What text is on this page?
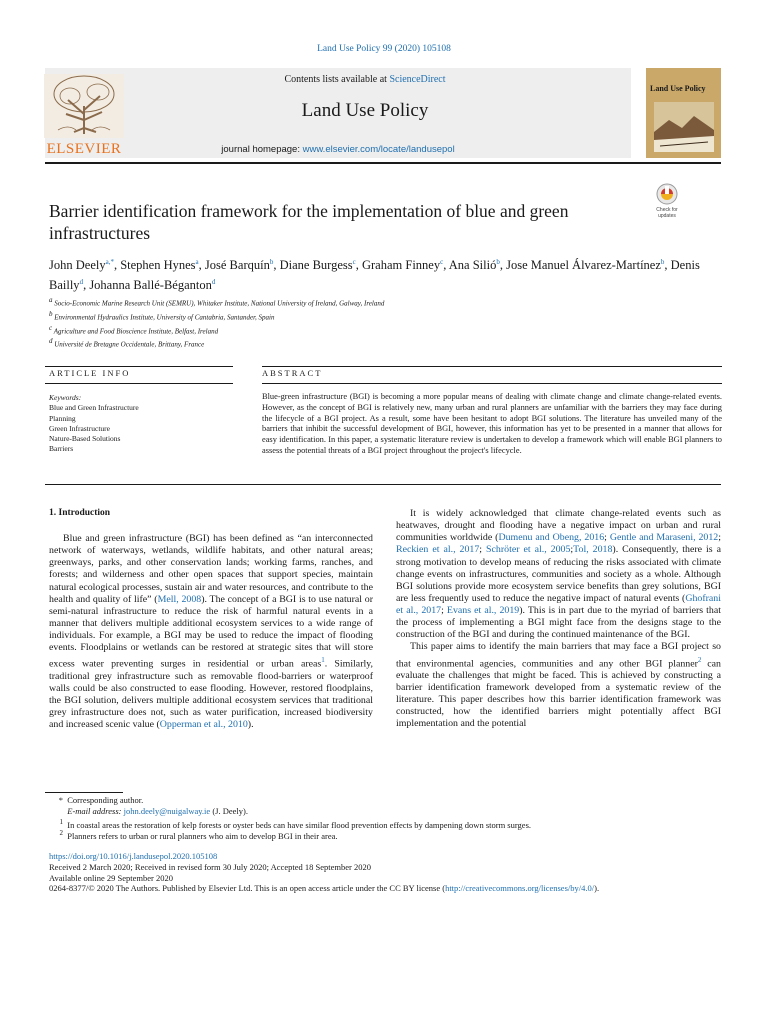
Land Use Policy 99 (2020) 105108
ELSEVIER
Contents lists available at ScienceDirect
Land Use Policy
journal homepage: www.elsevier.com/locate/landusepol
Land Use Policy
Barrier identification framework for the implementation of blue and green infrastructures
Check for
updates
John Deely$^{a,*}$, Stephen Hynes$^a$, José Barquín$^b$, Diane Burgess$^c$, Graham Finney$^c$, Ana Silió$^b$, Jose Manuel Álvarez-Martínez$^b$, Denis Bailly$^d$, Johanna Ballé-Béganton$^d$
$^a$ Socio-Economic Marine Research Unit (SEMRU), Whitaker Institute, National University of Ireland, Galway, Ireland
$^b$ Environmental Hydraulics Institute, University of Cantabria, Santander, Spain
$^c$ Agriculture and Food Bioscience Institute, Belfast, Ireland
$^d$ Université de Bretagne Occidentale, Brittany, France
ARTICLE INFO	ABSTRACT
Keywords:
Blue and Green Infrastructure
Planning
Green Infrastructure
Nature-Based Solutions
Barriers
Blue-green infrastructure (BGI) is becoming a more popular means of dealing with climate change and climate change-related events. However, as the concept of BGI is relatively new, many urban and rural planners are unfamiliar with the barriers they may face during the lifecycle of a BGI project. As a result, some have been hesitant to adopt BGI solutions. The literature has unveiled many of the barriers that inhibit the successful development of BGI, however, this information has yet to be presented in a manner that allows for easy identification. In this paper, a systematic literature review is undertaken to develop a framework which will enable BGI planners to assess the potential threats of a BGI project throughout the project's lifecycle.
1. Introduction

Blue and green infrastructure (BGI) has been defined as “an interconnected network of waterways, wetlands, wildlife habitats, and other natural areas; greenways, parks, and other conservation lands; working farms, ranches, and forests; and wilderness and other open spaces that support species, maintain natural ecological processes, sustain air and water resources, and contribute to the health and quality of life” (Mell, 2008). The concept of a BGI is to use natural or semi-natural infrastructure to reduce the risk of harmful natural events in a manner that delivers multiple additional ecosystem services to a wide range of individuals. For example, a BGI may be used to reduce the impact of flooding events. Floodplains or wetlands can be restored at strategic sites that will store excess water preventing surges in residential or urban areas$^1$. Similarly, traditional grey infrastructure such as removable flood-barriers or waterproof walls could be also constructed to ease flooding. However, restored floodplains, the BGI solution, delivers multiple additional ecosystem services that traditional grey infrastructure does not, such as water purification, increased biodiversity and increased scenic value (Opperman et al., 2010).

It is widely acknowledged that climate change-related events such as heatwaves, drought and flooding have a negative impact on urban and rural communities worldwide (Dumenu and Obeng, 2016; Gentle and Maraseni, 2012; Reckien et al., 2017; Schröter et al., 2005;Tol, 2018). Consequently, there is a strong motivation to develop means of reducing the risks associated with climate change events on infrastructures, communities and society as a whole. Although BGI solutions provide more ecosystem service benefits than grey solutions, BGI are less frequently used to reduce the negative impact of natural events (Ghofrani et al., 2017; Evans et al., 2019). This is in part due to the myriad of barriers that the process of implementing a BGI might face from the designs stage to the construction of the BGI and during the continued maintenance of the BGI.

This paper aims to identify the main barriers that may face a BGI project so that environmental agencies, communities and any other BGI planner$^2$ can evaluate the challenges that might be faced. This is achieved by constructing a barrier identification framework developed from a systematic review of the literature. This paper describes how this barrier identification framework was constructed, how the identified barriers might potentially affect BGI implementation and the potential

* Corresponding author.
E-mail address: john.deely@nuigalway.ie (J. Deely).
1  In coastal areas the restoration of kelp forests or oyster beds can have similar flood prevention effects by dampening down storm surges.
2  Planners refers to urban or rural planners who aim to develop BGI in their area.
https://doi.org/10.1016/j.landusepol.2020.105108
Received 2 March 2020; Received in revised form 30 July 2020; Accepted 18 September 2020
Available online 29 September 2020
0264-8377/© 2020 The Authors. Published by Elsevier Ltd. This is an open access article under the CC BY license (http://creativecommons.org/licenses/by/4.0/).
